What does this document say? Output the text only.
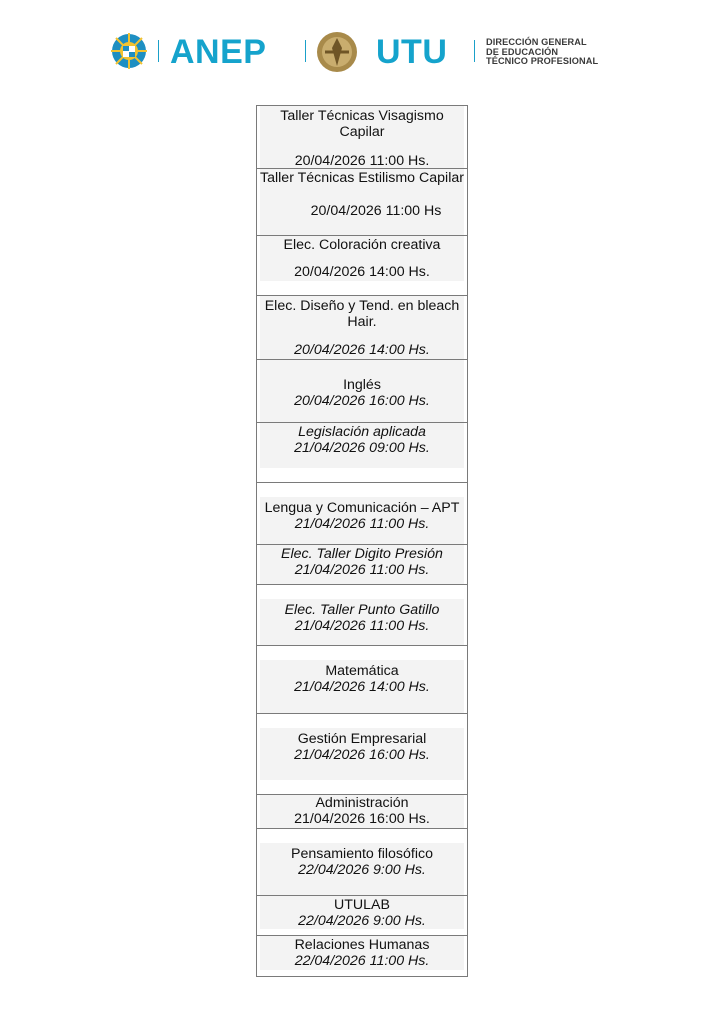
ANEP	UTU	DIRECCIÓN GENERAL
DE EDUCACIÓN
TÉCNICO PROFESIONAL
Taller Técnicas Visagismo Capilar
20/04/2026 11:00 Hs.
Taller Técnicas Estilismo Capilar
20/04/2026 11:00 Hs
Elec. Coloración creativa
20/04/2026 14:00 Hs.
Elec. Diseño y Tend. en bleach Hair.
20/04/2026 14:00 Hs.
Inglés
20/04/2026 16:00 Hs.
Legislación aplicada
21/04/2026 09:00 Hs.
Lengua y Comunicación – APT
21/04/2026 11:00 Hs.
Elec. Taller Digito Presión
21/04/2026 11:00 Hs.
Elec. Taller Punto Gatillo
21/04/2026 11:00 Hs.
Matemática
21/04/2026 14:00 Hs.
Gestión Empresarial
21/04/2026 16:00 Hs.
Administración
21/04/2026 16:00 Hs.
Pensamiento filosófico
22/04/2026 9:00 Hs.
UTULAB
22/04/2026 9:00 Hs.
Relaciones Humanas
22/04/2026 11:00 Hs.
